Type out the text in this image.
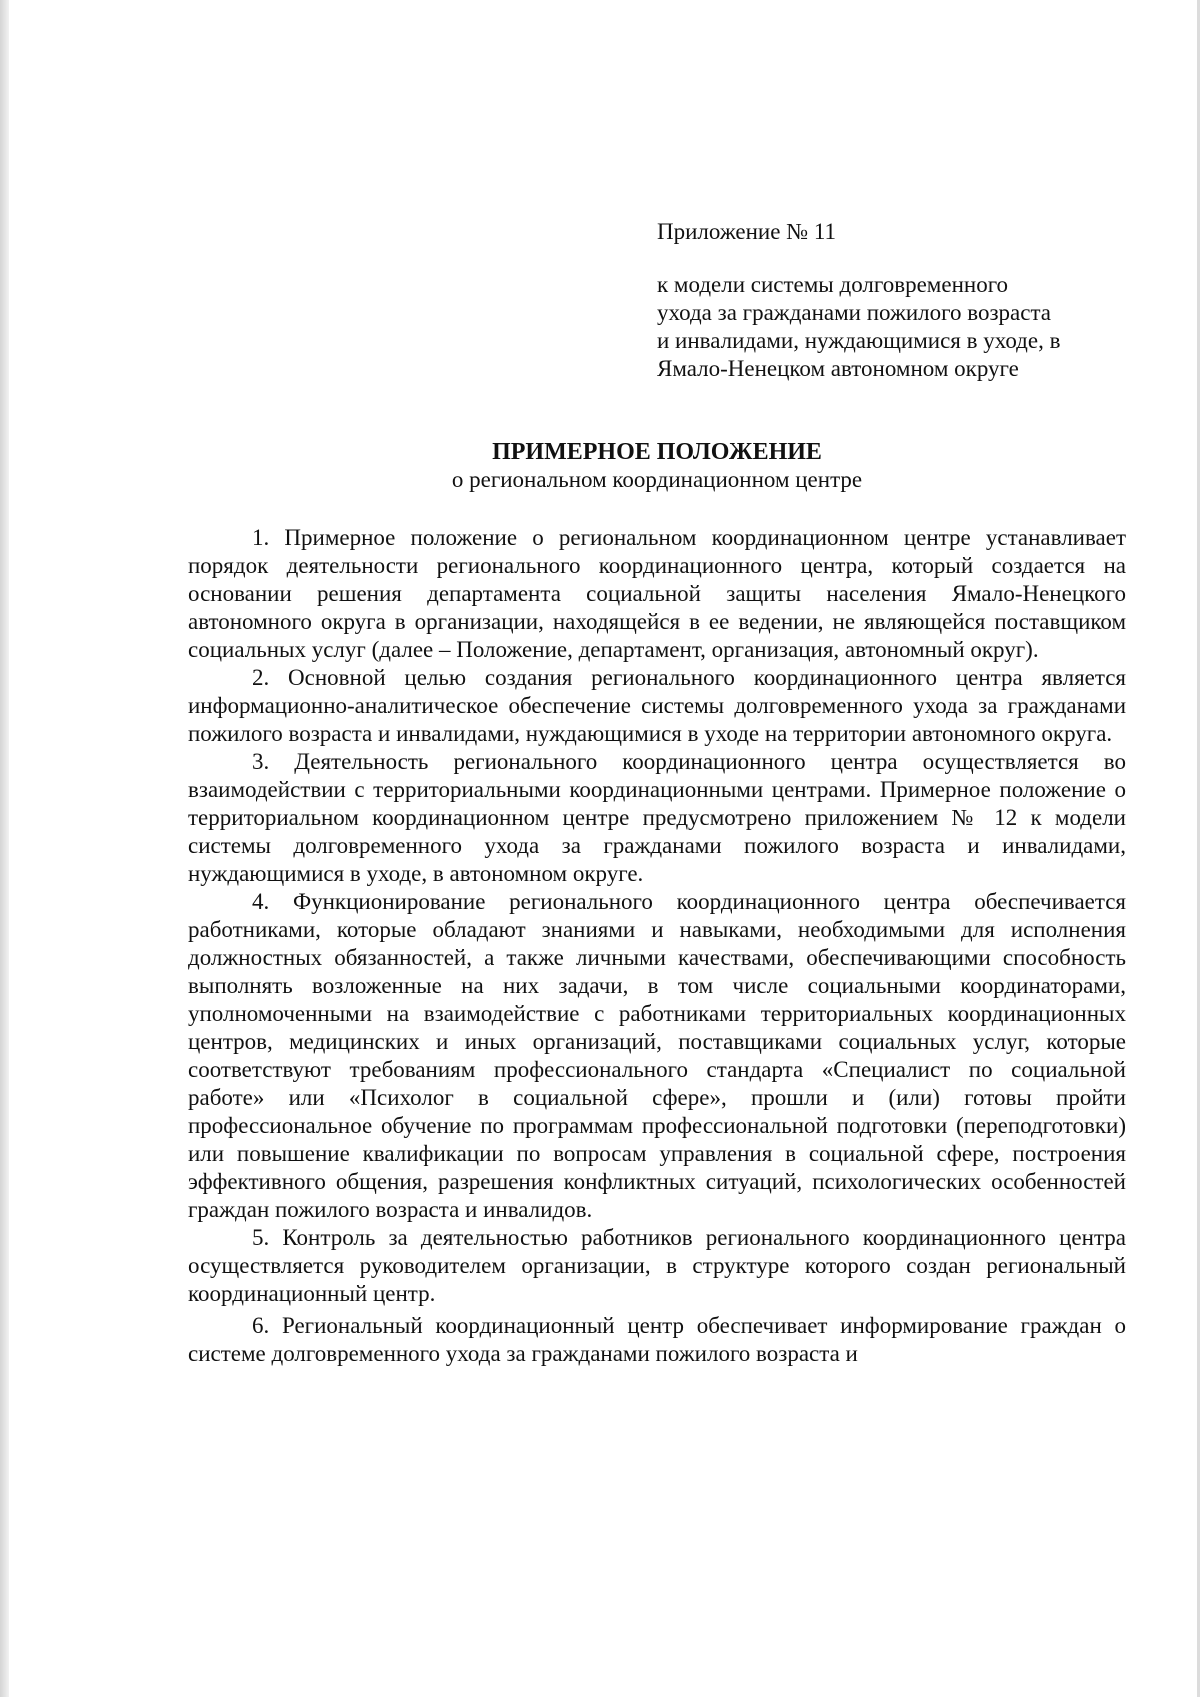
Приложение № 11
к модели системы долговременного
ухода за гражданами пожилого возраста
и инвалидами, нуждающимися в уходе, в
Ямало-Ненецком автономном округе
ПРИМЕРНОЕ ПОЛОЖЕНИЕ
о региональном координационном центре

1. Примерное положение о региональном координационном центре устанавливает порядок деятельности регионального координационного центра, который создается на основании решения департамента социальной защиты населения Ямало-Ненецкого автономного округа в организации, находящейся в ее ведении, не являющейся поставщиком социальных услуг (далее – Положение, департамент, организация, автономный округ).

2. Основной целью создания регионального координационного центра является информационно-аналитическое обеспечение системы долговременного ухода за гражданами пожилого возраста и инвалидами, нуждающимися в уходе на территории автономного округа.

3. Деятельность регионального координационного центра осуществляется во взаимодействии с территориальными координационными центрами. Примерное положение о территориальном координационном центре предусмотрено приложением № 12 к модели системы долговременного ухода за гражданами пожилого возраста и инвалидами, нуждающимися в уходе, в автономном округе.

4. Функционирование регионального координационного центра обеспечивается работниками, которые обладают знаниями и навыками, необходимыми для исполнения должностных обязанностей, а также личными качествами, обеспечивающими способность выполнять возложенные на них задачи, в том числе социальными координаторами, уполномоченными на взаимодействие с работниками территориальных координационных центров, медицинских и иных организаций, поставщиками социальных услуг, которые соответствуют требованиям профессионального стандарта «Специалист по социальной работе» или «Психолог в социальной сфере», прошли и (или) готовы пройти профессиональное обучение по программам профессиональной подготовки (переподготовки) или повышение квалификации по вопросам управления в социальной сфере, построения эффективного общения, разрешения конфликтных ситуаций, психологических особенностей граждан пожилого возраста и инвалидов.

5. Контроль за деятельностью работников регионального координационного центра осуществляется руководителем организации, в структуре которого создан региональный координационный центр.

6. Региональный координационный центр обеспечивает информирование граждан о системе долговременного ухода за гражданами пожилого возраста и
